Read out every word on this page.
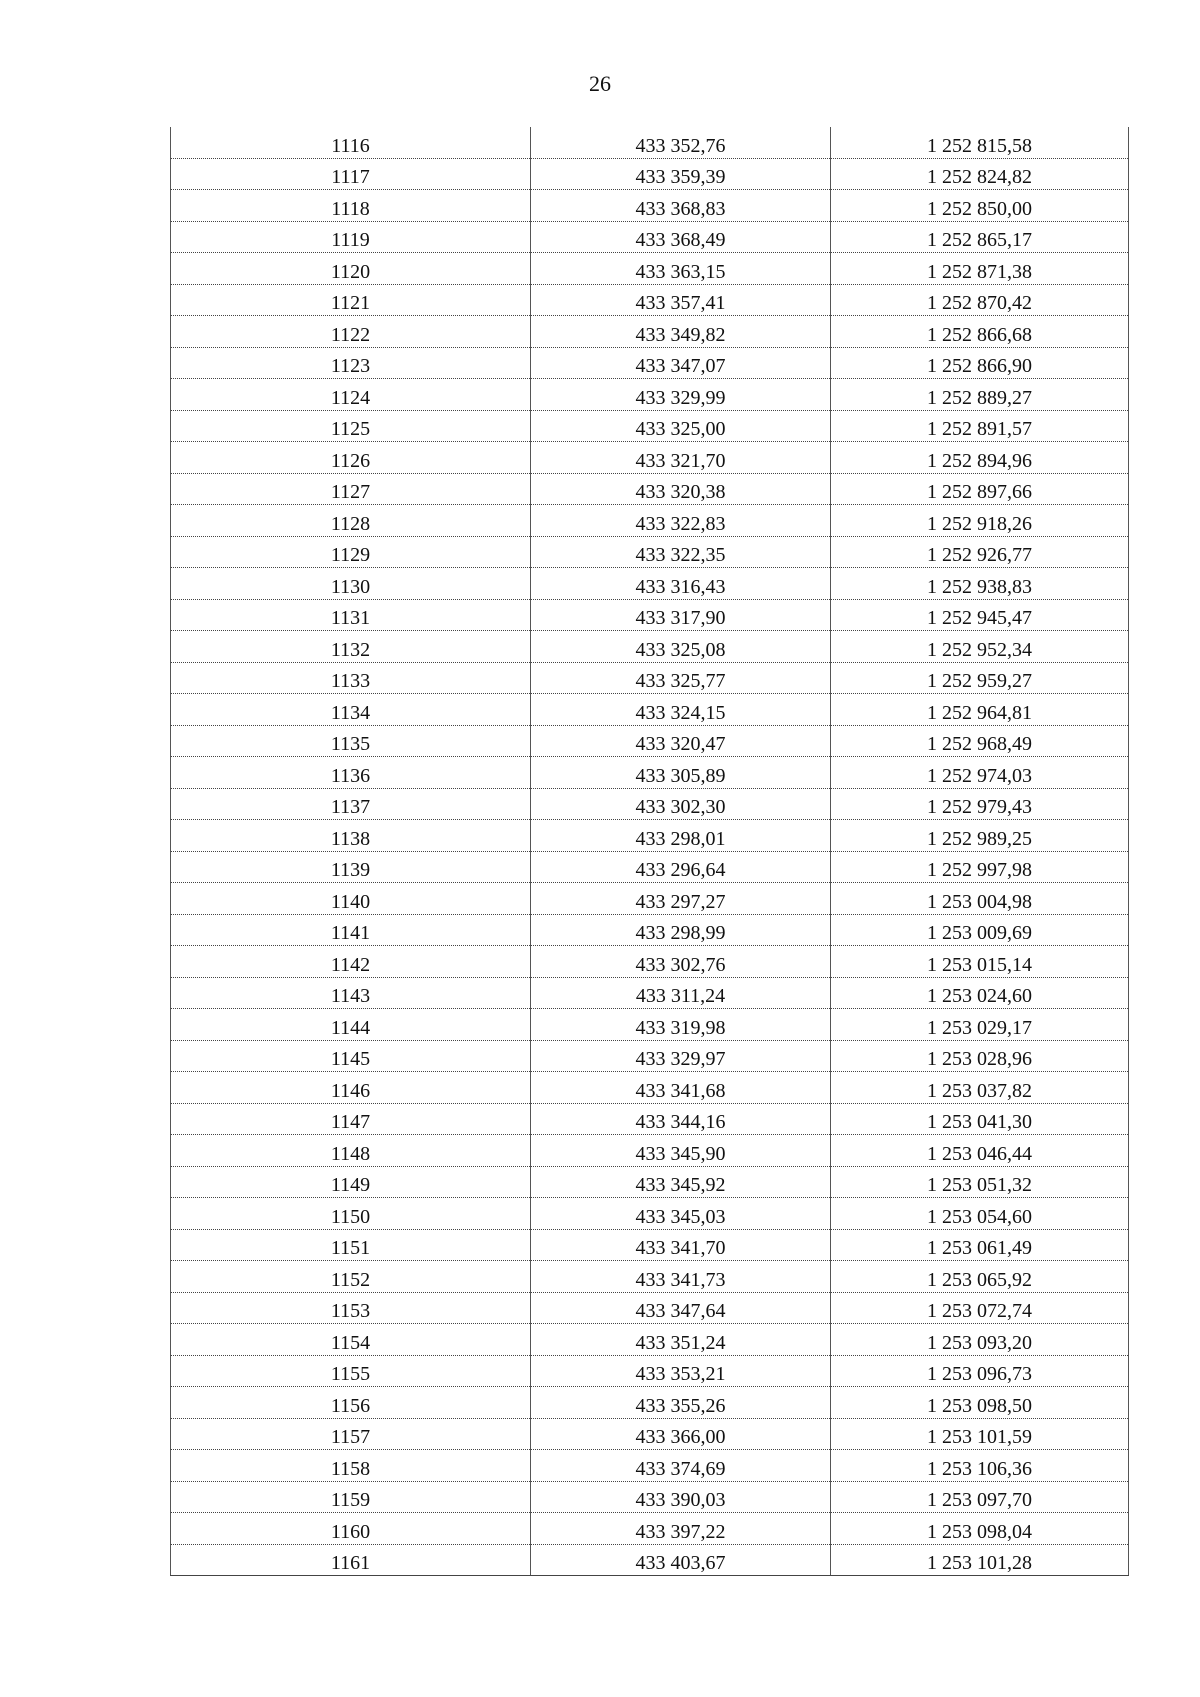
26
1116	433 352,76	1 252 815,58
1117	433 359,39	1 252 824,82
1118	433 368,83	1 252 850,00
1119	433 368,49	1 252 865,17
1120	433 363,15	1 252 871,38
1121	433 357,41	1 252 870,42
1122	433 349,82	1 252 866,68
1123	433 347,07	1 252 866,90
1124	433 329,99	1 252 889,27
1125	433 325,00	1 252 891,57
1126	433 321,70	1 252 894,96
1127	433 320,38	1 252 897,66
1128	433 322,83	1 252 918,26
1129	433 322,35	1 252 926,77
1130	433 316,43	1 252 938,83
1131	433 317,90	1 252 945,47
1132	433 325,08	1 252 952,34
1133	433 325,77	1 252 959,27
1134	433 324,15	1 252 964,81
1135	433 320,47	1 252 968,49
1136	433 305,89	1 252 974,03
1137	433 302,30	1 252 979,43
1138	433 298,01	1 252 989,25
1139	433 296,64	1 252 997,98
1140	433 297,27	1 253 004,98
1141	433 298,99	1 253 009,69
1142	433 302,76	1 253 015,14
1143	433 311,24	1 253 024,60
1144	433 319,98	1 253 029,17
1145	433 329,97	1 253 028,96
1146	433 341,68	1 253 037,82
1147	433 344,16	1 253 041,30
1148	433 345,90	1 253 046,44
1149	433 345,92	1 253 051,32
1150	433 345,03	1 253 054,60
1151	433 341,70	1 253 061,49
1152	433 341,73	1 253 065,92
1153	433 347,64	1 253 072,74
1154	433 351,24	1 253 093,20
1155	433 353,21	1 253 096,73
1156	433 355,26	1 253 098,50
1157	433 366,00	1 253 101,59
1158	433 374,69	1 253 106,36
1159	433 390,03	1 253 097,70
1160	433 397,22	1 253 098,04
1161	433 403,67	1 253 101,28
